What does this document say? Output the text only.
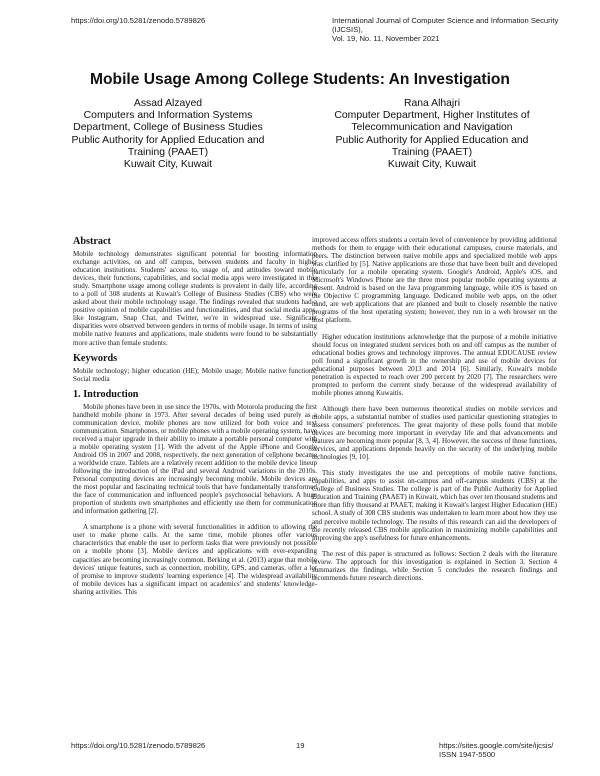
https://doi.org/10.5281/zenodo.5789826	International Journal of Computer Science and Information Security (IJCSIS),
Vol. 19, No. 11, November 2021
Mobile Usage Among College Students: An Investigation
Assad Alzayed
Computers and Information Systems
Department, College of Business Studies
Public Authority for Applied Education and
Training (PAAET)
Kuwait City, Kuwait
Rana Alhajri
Computer Department, Higher Institutes of
Telecommunication and Navigation
Public Authority for Applied Education and
Training (PAAET)
Kuwait City, Kuwait
Abstract

Mobile technology demonstrates significant potential for boosting information exchange activities, on and off campus, between students and faculty in higher education institutions. Students' access to, usage of, and attitudes toward mobile devices, their functions, capabilities, and social media apps were investigated in this study. Smartphone usage among college students is prevalent in daily life, according to a poll of 308 students at Kuwait's College of Business Studies (CBS) who were asked about their mobile technology usage. The findings revealed that students had a positive opinion of mobile capabilities and functionalities, and that social media apps, like Instagram, Snap Chat, and Twitter, we're in widespread use. Significant disparities were observed between genders in terms of mobile usage. In terms of using mobile native features and applications, male students were found to be substantially more active than female students.

Keywords

Mobile technology; higher education (HE); Mobile usage; Mobile native functions; Social media

1. Introduction

Mobile phones have been in use since the 1970s, with Motorola producing the first handheld mobile phone in 1973. After several decades of being used purely as a communication device, mobile phones are now utilized for both voice and text communication. Smartphones, or mobile phones with a mobile operating system, have received a major upgrade in their ability to imitate a portable personal computer with a mobile operating system [1]. With the advent of the Apple iPhone and Google Android OS in 2007 and 2008, respectively, the next generation of cellphone became a worldwide craze. Tablets are a relatively recent addition to the mobile device lineup following the introduction of the iPad and several Android variations in the 2010s. Personal computing devices are increasingly becoming mobile. Mobile devices are the most popular and fascinating technical tools that have fundamentally transformed the face of communication and influenced people's psychosocial behaviors. A huge proportion of students own smartphones and efficiently use them for communication and information gathering [2].

A smartphone is a phone with several functionalities in addition to allowing the user to make phone calls. At the same time, mobile phones offer various characteristics that enable the user to perform tasks that were previously not possible on a mobile phone [3]. Mobile devices and applications with ever-expanding capacities are becoming increasingly common. Berking et al. (2013) argue that mobile devices' unique features, such as connection, mobility, GPS, and cameras, offer a lot of promise to improve students' learning experience [4]. The widespread availability of mobile devices has a significant impact on academics' and students' knowledge-sharing activities. This

improved access offers students a certain level of convenience by providing additional methods for them to engage with their educational campuses, course materials, and peers. The distinction between native mobile apps and specialized mobile web apps was clarified by [5]. Native applications are those that have been built and developed particularly for a mobile operating system. Google's Android, Apple's iOS, and Microsoft's Windows Phone are the three most popular mobile operating systems at present. Android is based on the Java programming language, while iOS is based on the Objective C programming language. Dedicated mobile web apps, on the other hand, are web applications that are planned and built to closely resemble the native programs of the host operating system; however, they run in a web browser on the host platform.

Higher education institutions acknowledge that the purpose of a mobile initiative should focus on integrated student services both on and off campus as the number of educational bodies grows and technology improves. The annual EDUCAUSE review poll found a significant growth in the ownership and use of mobile devices for educational purposes between 2013 and 2014 [6]. Similarly, Kuwait's mobile penetration is expected to reach over 200 percent by 2020 [7]. The researchers were prompted to perform the current study because of the widespread availability of mobile phones among Kuwaitis.

Although there have been numerous theoretical studies on mobile services and mobile apps, a substantial number of studies used particular questioning strategies to assess consumers' preferences. The great majority of these polls found that mobile devices are becoming more important in everyday life and that advancements and features are becoming more popular [8, 3, 4]. However, the success of those functions, services, and applications depends heavily on the security of the underlying mobile technologies [9, 10].

This study investigates the use and perceptions of mobile native functions, capabilities, and apps to assist on-campus and off-campus students (CBS) at the College of Business Studies. The college is part of the Public Authority for Applied Education and Training (PAAET) in Kuwait, which has over ten thousand students and more than fifty thousand at PAAET, making it Kuwait's largest Higher Education (HE) school. A study of 308 CBS students was undertaken to learn more about how they use and perceive mobile technology. The results of this research can aid the developers of the recently released CBS mobile application in maximizing mobile capabilities and improving the app's usefulness for future enhancements.

The rest of this paper is structured as follows: Section 2 deals with the literature review. The approach for this investigation is explained in Section 3. Section 4 summarizes the findings, while Section 5 concludes the research findings and recommends future research directions.

https://doi.org/10.5281/zenodo.5789826	19	https://sites.google.com/site/ijcsis/
ISSN 1947-5500
